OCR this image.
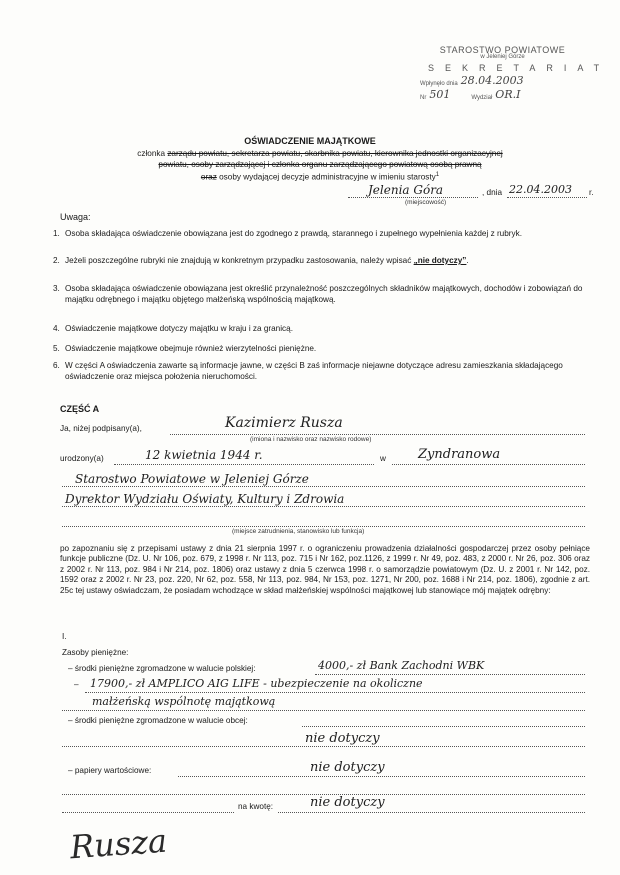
STAROSTWO POWIATOWE
w Jeleniej Górze
SEKRETARIAT
Wpłynęło dnia 28.04.2003
Nr 501	Wydział OR.I
OŚWIADCZENIE MAJĄTKOWE
członka zarządu powiatu, sekretarza powiatu, skarbnika powiatu, kierownika jednostki organizacyjnej
powiatu, osoby zarządzającej i członka organu zarządzającego powiatową osobą prawną
oraz osoby wydającej decyzje administracyjne w imieniu starosty$^1$
Jelenia Góra	, dnia 22.04.2003 r.
(miejscowość)
Uwaga:
1. Osoba składająca oświadczenie obowiązana jest do zgodnego z prawdą, starannego i zupełnego wypełnienia każdej z rubryk.
2. Jeżeli poszczególne rubryki nie znajdują w konkretnym przypadku zastosowania, należy wpisać „nie dotyczy”.
3. Osoba składająca oświadczenie obowiązana jest określić przynależność poszczególnych składników majątkowych, dochodów i zobowiązań do majątku odrębnego i majątku objętego małżeńską wspólnością majątkową.
4. Oświadczenie majątkowe dotyczy majątku w kraju i za granicą.
5. Oświadczenie majątkowe obejmuje również wierzytelności pieniężne.
6. W części A oświadczenia zawarte są informacje jawne, w części B zaś informacje niejawne dotyczące adresu zamieszkania składającego oświadczenie oraz miejsca położenia nieruchomości.
CZĘŚĆ A
Ja, niżej podpisany(a),	Kazimierz Rusza
(imiona i nazwisko oraz nazwisko rodowe)
urodzony(a)	12 kwietnia 1944 r.	w Zyndranowa
Starostwo Powiatowe w Jeleniej Górze
Dyrektor Wydziału Oświaty, Kultury i Zdrowia
(miejsce zatrudnienia, stanowisko lub funkcja)
po zapoznaniu się z przepisami ustawy z dnia 21 sierpnia 1997 r. o ograniczeniu prowadzenia działalności gospodarczej przez osoby pełniące funkcje publiczne (Dz. U. Nr 106, poz. 679, z 1998 r. Nr 113, poz. 715 i Nr 162, poz.1126, z 1999 r. Nr 49, poz. 483, z 2000 r. Nr 26, poz. 306 oraz z 2002 r. Nr 113, poz. 984 i Nr 214, poz. 1806) oraz ustawy z dnia 5 czerwca 1998 r. o samorządzie powiatowym (Dz. U. z 2001 r. Nr 142, poz. 1592 oraz z 2002 r. Nr 23, poz. 220, Nr 62, poz. 558, Nr 113, poz. 984, Nr 153, poz. 1271, Nr 200, poz. 1688 i Nr 214, poz. 1806), zgodnie z art. 25c tej ustawy oświadczam, że posiadam wchodzące w skład małżeńskiej wspólności majątkowej lub stanowiące mój majątek odrębny:
I.
Zasoby pieniężne:
– środki pieniężne zgromadzone w walucie polskiej:	4000,- zł Bank Zachodni WBK
– 17900,- zł AMPLICO AIG LIFE - ubezpieczenie na okoliczne
małżeńską wspólnotę majątkową
– środki pieniężne zgromadzone w walucie obcej:
nie dotyczy
– papiery wartościowe:	nie dotyczy
na kwotę:	nie dotyczy
Rusza
